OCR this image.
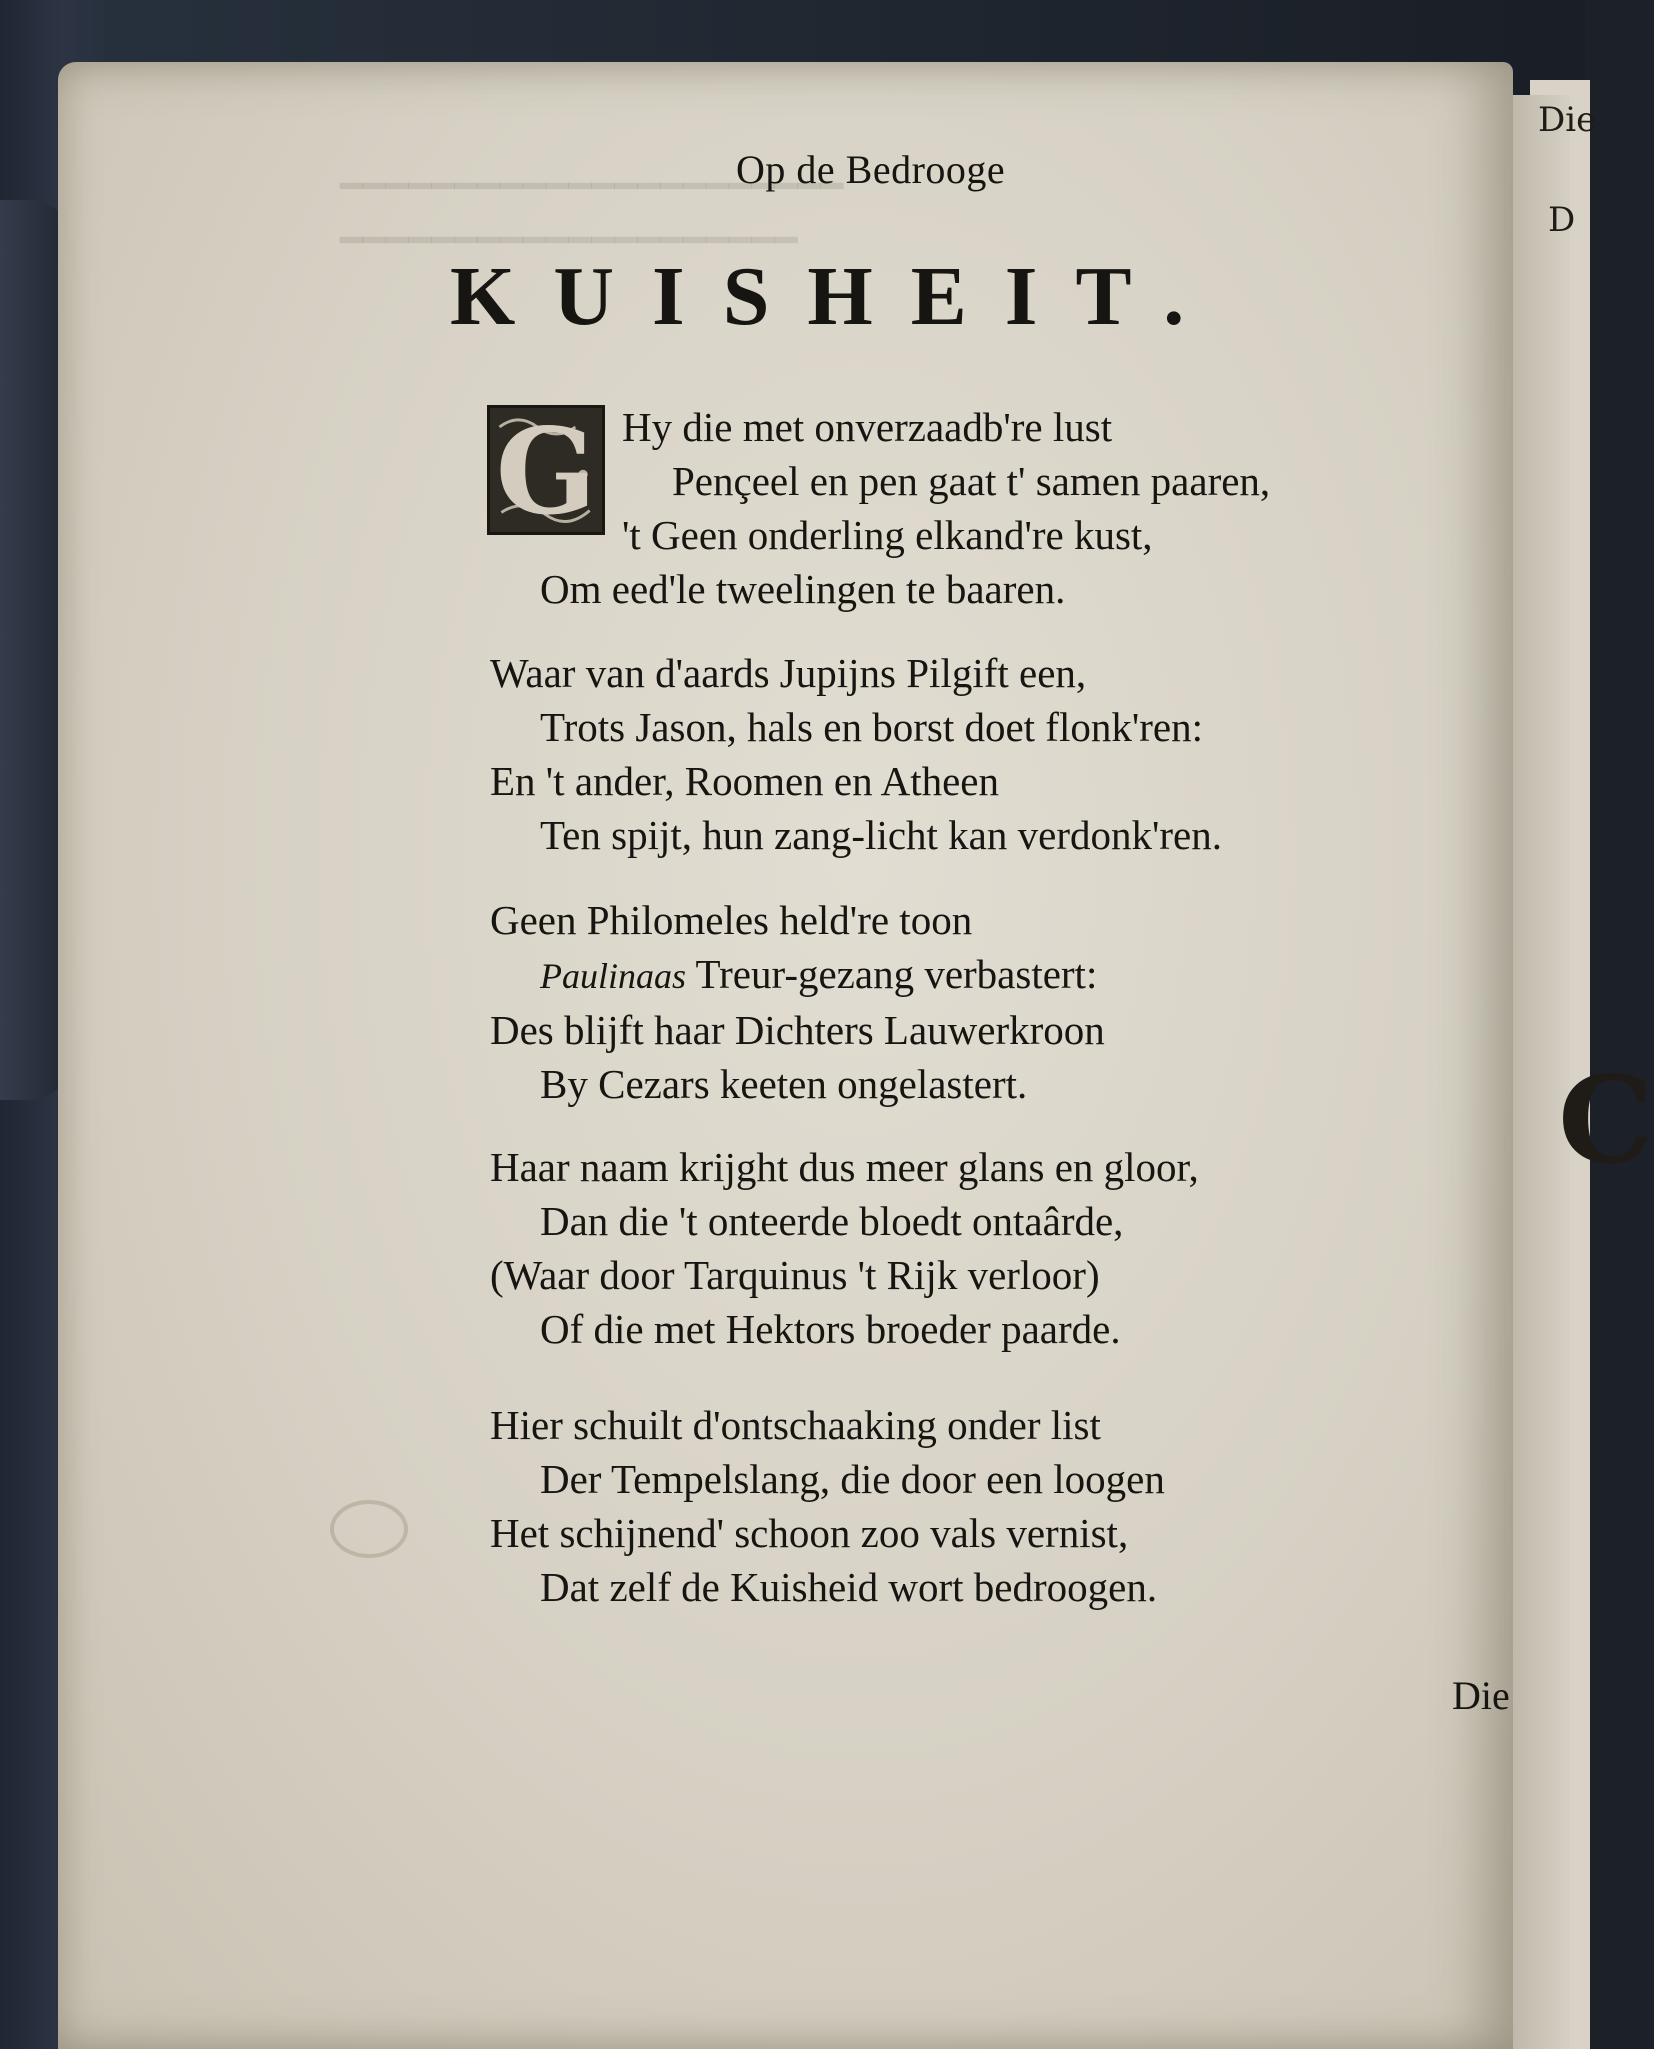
Die
D
C
━━━━━━━━━━━━━━━━━━━━━━
━━━━━━━━━━━━━━━━━━━━
Op de Bedrooge
KUISHEIT.
G Hy die met onverzaadb're lust
Pençeel en pen gaat t' samen paaren,
't Geen onderling elkand're kust,
Om eed'le tweelingen te baaren.
Waar van d'aards Jupijns Pilgift een,
Trots Jason, hals en borst doet flonk'ren:
En 't ander, Roomen en Atheen
Ten spijt, hun zang-licht kan verdonk'ren.
Geen Philomeles held're toon
Paulinaas Treur-gezang verbastert:
Des blijft haar Dichters Lauwerkroon
By Cezars keeten ongelastert.
Haar naam krijght dus meer glans en gloor,
Dan die 't onteerde bloedt ontaârde,
(Waar door Tarquinus 't Rijk verloor)
Of die met Hektors broeder paarde.
Hier schuilt d'ontschaaking onder list
Der Tempelslang, die door een loogen
Het schijnend' schoon zoo vals vernist,
Dat zelf de Kuisheid wort bedroogen.
Die
